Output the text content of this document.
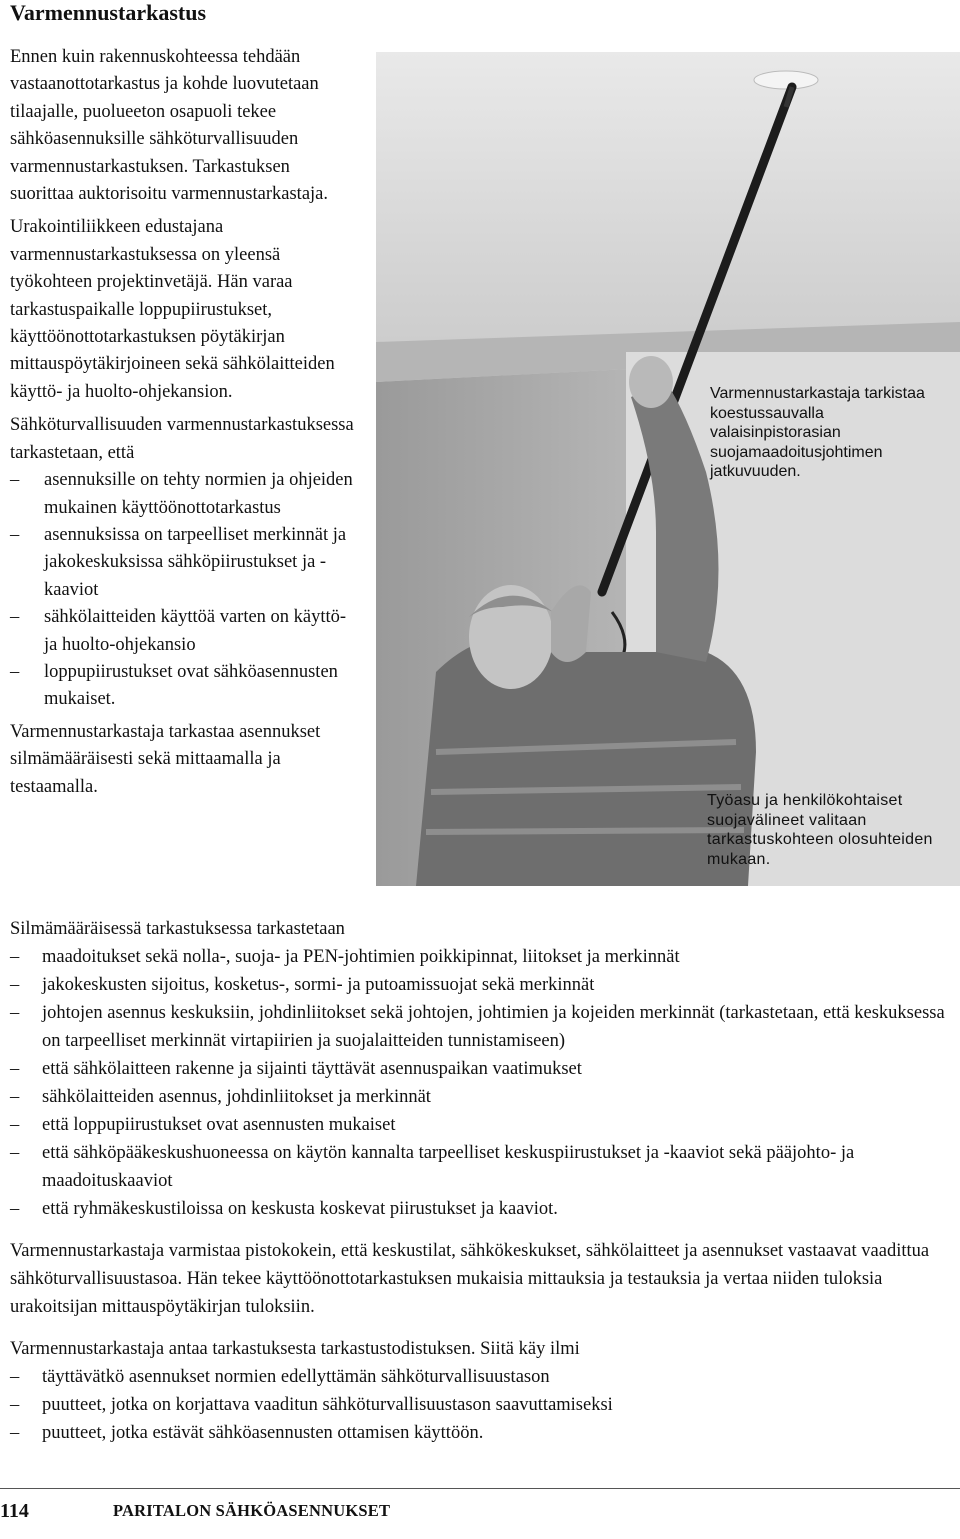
Varmennustarkastus

Ennen kuin rakennuskohteessa tehdään vastaanottotarkastus ja kohde luovutetaan tilaajalle, puolueeton osapuoli tekee sähköasennuksille sähköturvallisuuden varmennustarkastuksen. Tarkastuksen suorittaa auktorisoitu varmennustarkastaja.

Urakointiliikkeen edustajana varmennustarkastuksessa on yleensä työkohteen projektinvetäjä. Hän varaa tarkastuspaikalle loppupiirustukset, käyttöönottotarkastuksen pöytäkirjan mittauspöytäkirjoineen sekä sähkölaitteiden käyttö- ja huolto-ohjekansion.

Sähköturvallisuuden varmennustarkastuksessa tarkastetaan, että

– asennuksille on tehty normien ja ohjeiden mukainen käyttöönottotarkastus
– asennuksissa on tarpeelliset merkinnät ja jakokeskuksissa sähköpiirustukset ja -kaaviot
– sähkölaitteiden käyttöä varten on käyttö- ja huolto-ohjekansio
– loppupiirustukset ovat sähköasennusten mukaiset.

Varmennustarkastaja tarkastaa asennukset silmämääräisesti sekä mittaamalla ja testaamalla.

Varmennustarkastaja tarkistaa koestussauvalla valaisinpistorasian suojamaadoitusjohtimen jatkuvuuden.
Työasu ja henkilökohtaiset suojavälineet valitaan tarkastuskohteen olosuhteiden mukaan.

Silmämääräisessä tarkastuksessa tarkastetaan

– maadoitukset sekä nolla-, suoja- ja PEN-johtimien poikkipinnat, liitokset ja merkinnät
– jakokeskusten sijoitus, kosketus-, sormi- ja putoamissuojat sekä merkinnät
– johtojen asennus keskuksiin, johdinliitokset sekä johtojen, johtimien ja kojeiden merkinnät (tarkastetaan, että keskuksessa on tarpeelliset merkinnät virtapiirien ja suojalaitteiden tunnistamiseen)
– että sähkölaitteen rakenne ja sijainti täyttävät asennuspaikan vaatimukset
– sähkölaitteiden asennus, johdinliitokset ja merkinnät
– että loppupiirustukset ovat asennusten mukaiset
– että sähköpääkeskushuoneessa on käytön kannalta tarpeelliset keskuspiirustukset ja -kaaviot sekä pääjohto- ja maadoituskaaviot
– että ryhmäkeskustiloissa on keskusta koskevat piirustukset ja kaaviot.

Varmennustarkastaja varmistaa pistokokein, että keskustilat, sähkökeskukset, sähkölaitteet ja asennukset vastaavat vaadittua sähköturvallisuustasoa. Hän tekee käyttöönottotarkastuksen mukaisia mittauksia ja testauksia ja vertaa niiden tuloksia urakoitsijan mittauspöytäkirjan tuloksiin.

Varmennustarkastaja antaa tarkastuksesta tarkastustodistuksen. Siitä käy ilmi

– täyttävätkö asennukset normien edellyttämän sähköturvallisuustason
– puutteet, jotka on korjattava vaaditun sähköturvallisuustason saavuttamiseksi
– puutteet, jotka estävät sähköasennusten ottamisen käyttöön.
114	PARITALON SÄHKÖASENNUKSET
